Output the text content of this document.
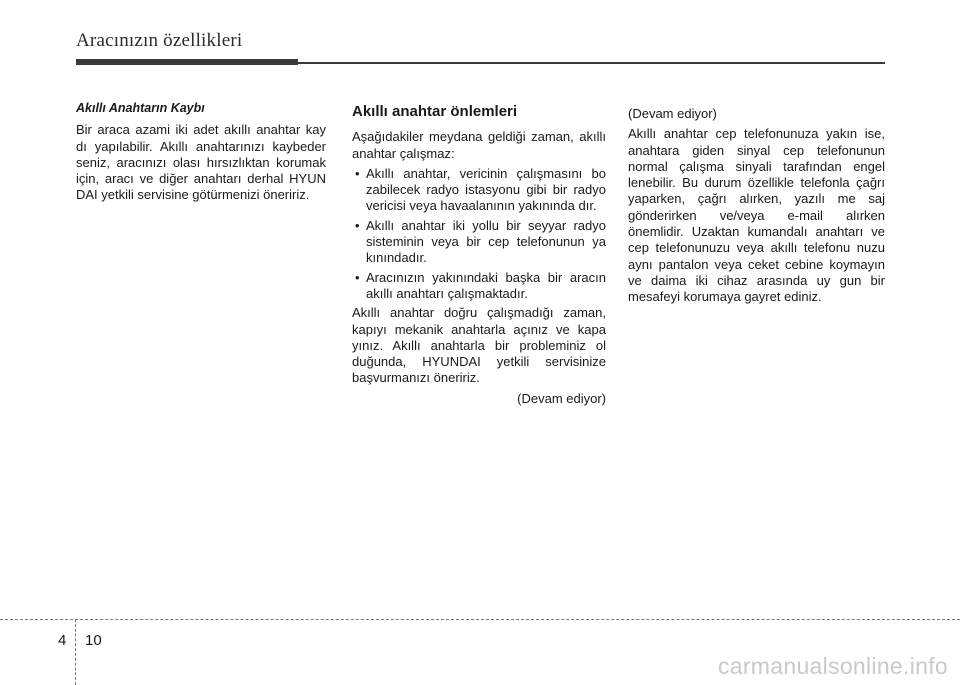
Aracınızın özellikleri
Akıllı Anahtarın Kaybı

Bir araca azami iki adet akıllı anahtar kay dı yapılabilir. Akıllı anahtarınızı kaybeder seniz, aracınızı olası hırsızlıktan korumak için, aracı ve diğer anahtarı derhal HYUN DAI yetkili servisine götürmenizi öneririz.

Akıllı anahtar önlemleri

Aşağıdakiler meydana geldiği zaman, akıllı anahtar çalışmaz:

• Akıllı anahtar, vericinin çalışmasını bo zabilecek radyo istasyonu gibi bir radyo vericisi veya havaalanının yakınında dır.
• Akıllı anahtar iki yollu bir seyyar radyo sisteminin veya bir cep telefonunun ya kınındadır.
• Aracınızın yakınındaki başka bir aracın akıllı anahtarı çalışmaktadır.

Akıllı anahtar doğru çalışmadığı zaman, kapıyı mekanik anahtarla açınız ve kapa yınız. Akıllı anahtarla bir probleminiz ol duğunda, HYUNDAI yetkili servisinize başvurmanızı öneririz.

(Devam ediyor)
(Devam ediyor)

Akıllı anahtar cep telefonunuza yakın ise, anahtara giden sinyal cep telefonunun normal çalışma sinyali tarafından engel lenebilir. Bu durum özellikle telefonla çağrı yaparken, çağrı alırken, yazılı me saj gönderirken ve/veya e-mail alırken önemlidir. Uzaktan kumandalı anahtarı ve cep telefonunuzu veya akıllı telefonu nuzu aynı pantalon veya ceket cebine koymayın ve daima iki cihaz arasında uy gun bir mesafeyi korumaya gayret ediniz.

4 10
carmanualsonline.info
